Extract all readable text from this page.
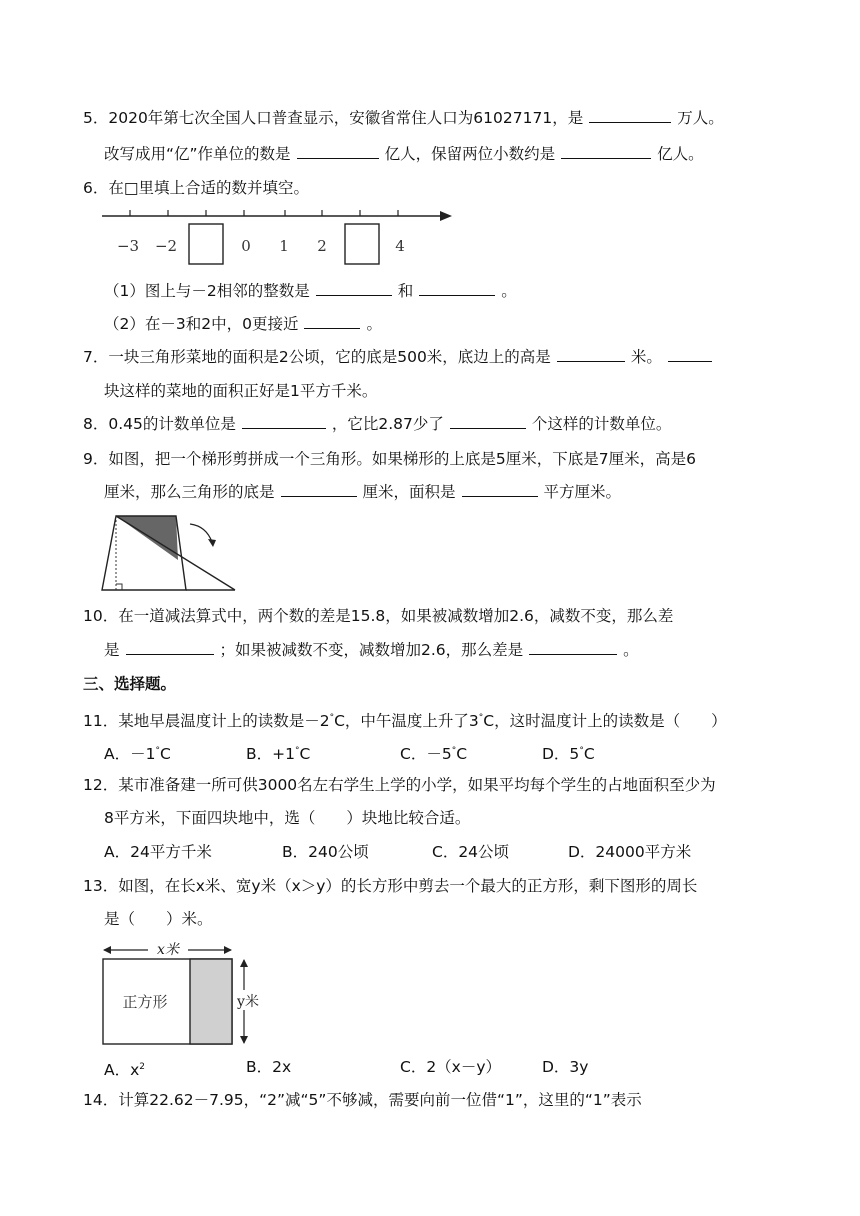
5．2020年第七次全国人口普查显示，安徽省常住人口为61027171，是	万人。
改写成用“亿”作单位的数是	亿人，保留两位小数约是	亿人。
6．在□里填上合适的数并填空。
−3 −2	0 1 2	4
（1）图上与－2相邻的整数是	和	。
（2）在－3和2中，0更接近	。
7．一块三角形菜地的面积是2公顷，它的底是500米，底边上的高是	米。
块这样的菜地的面积正好是1平方千米。
8．0.45的计数单位是	，它比2.87少了	个这样的计数单位。
9．如图，把一个梯形剪拼成一个三角形。如果梯形的上底是5厘米，下底是7厘米，高是6
厘米，那么三角形的底是	厘米，面积是	平方厘米。
10．在一道减法算式中，两个数的差是15.8，如果被减数增加2.6，减数不变，那么差
是	；如果被减数不变，减数增加2.6，那么差是	。
三、选择题。
11．某地早晨温度计上的读数是－2°C，中午温度上升了3°C，这时温度计上的读数是（　　）
A．－1°C	B．+1°C	C．－5°C	D．5°C
12．某市准备建一所可供3000名左右学生上学的小学，如果平均每个学生的占地面积至少为
8平方米，下面四块地中，选（　　）块地比较合适。
A．24平方千米	B．240公顷	C．24公顷	D．24000平方米
13．如图，在长x米、宽y米（x＞y）的长方形中剪去一个最大的正方形，剩下图形的周长
是（　　）米。
x米
正方形	y米
A．$x^2$	B．2x	C．2（x－y）	D．3y
14．计算22.62－7.95，“2”减“5”不够减，需要向前一位借“1”，这里的“1”表示
